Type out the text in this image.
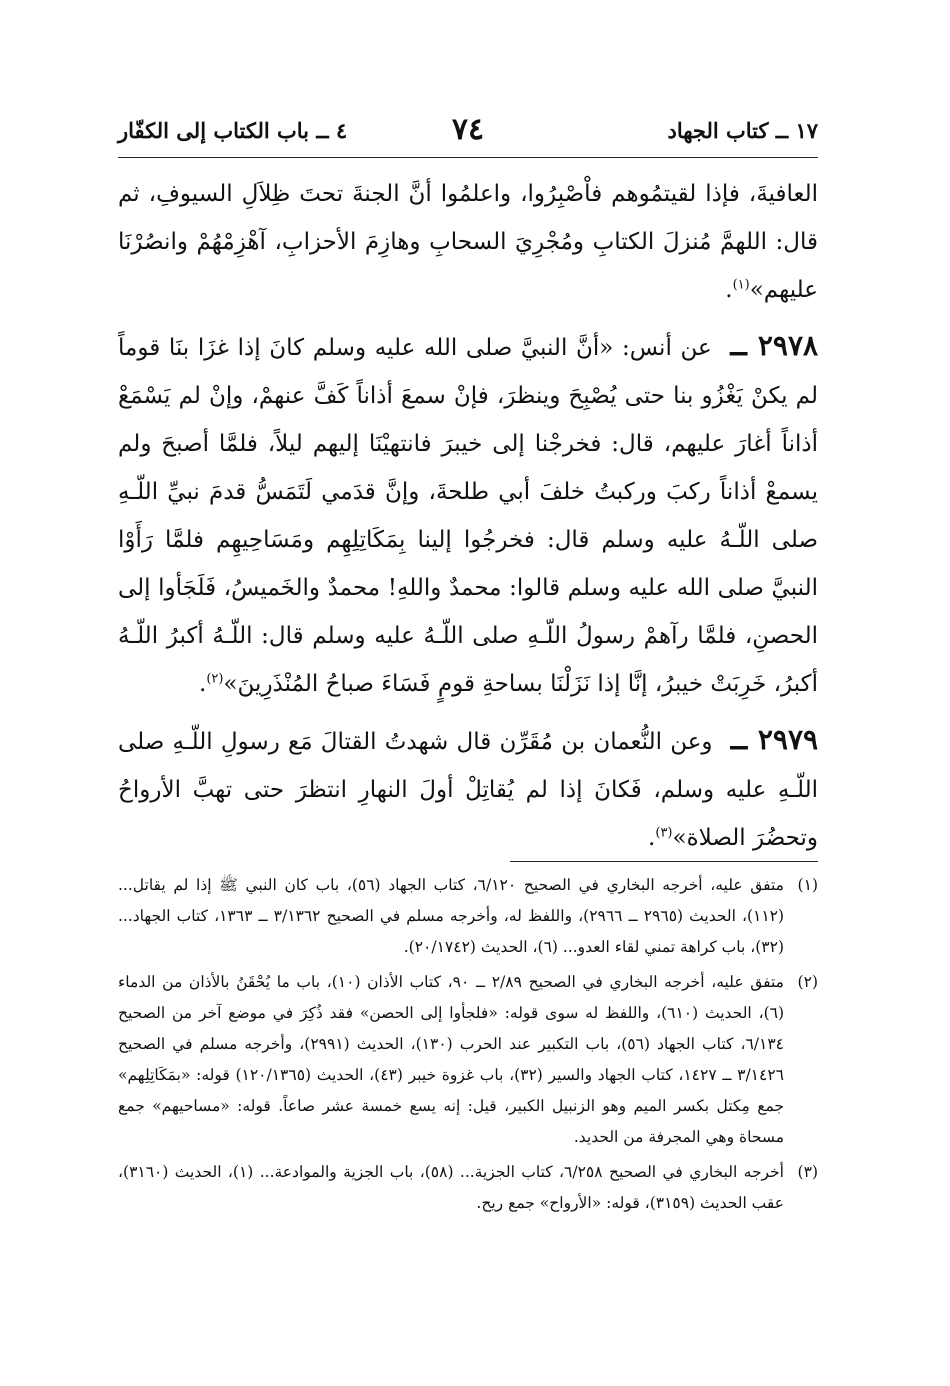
١٧ ــ كتاب الجهاد
٧٤
٤ ــ باب الكتاب إلى الكفّار

العافيةَ، فإذا لقيتمُوهم فاْصْبِرُوا، واعلمُوا أنَّ الجنةَ تحتَ ظِلاَلِ السيوفِ، ثم قال: اللهمَّ مُنزلَ الكتابِ ومُجْرِيَ السحابِ وهازِمَ الأحزابِ، آهْزِمْهُمْ وانصُرْنَا عليهم»$^{(١)}$.

٢٩٧٨ ــ عن أنس: «أنَّ النبيَّ صلى الله عليه وسلم كانَ إذا غزَا بنَا قوماً لم يكنْ يَغْزُو بنا حتى يُصْبِحَ وينظرَ، فإنْ سمعَ أذاناً كَفَّ عنهمْ، وإنْ لم يَسْمَعْ أذاناً أغارَ عليهم، قال: فخرجْنا إلى خيبرَ فانتهيْنَا إليهم ليلاً، فلمَّا أصبحَ ولم يسمعْ أذاناً ركبَ وركبتُ خلفَ أبي طلحةَ، وإنَّ قدَمي لَتَمَسُّ قدمَ نبيِّ اللّـهِ صلى اللّـهُ عليه وسلم قال: فخرجُوا إلينا بِمَكَاتِلِهِم ومَسَاحِيهِم فلمَّا رَأَوْا النبيَّ صلى الله عليه وسلم قالوا: محمدٌ واللهِ! محمدٌ والخَميسُ، فَلَجَأوا إلى الحصنِ، فلمَّا رآهمْ رسولُ اللّـهِ صلى اللّـهُ عليه وسلم قال: اللّـهُ أكبرُ اللّـهُ أكبرُ، خَرِبَتْ خيبرُ، إنَّا إذا نَزَلْنَا بساحةِ قومٍ فَسَاءَ صباحُ المُنْذَرِينَ»$^{(٢)}$.

٢٩٧٩ ــ وعن النُّعمان بن مُقَرِّن قال شهدتُ القتالَ مَع رسولِ اللّـهِ صلى اللّـهِ عليه وسلم، فَكانَ إذا لم يُقاتِلْ أولَ النهارِ انتظرَ حتى تهبَّ الأرواحُ وتحضُرَ الصلاة»$^{(٣)}$.

(١)
متفق عليه، أخرجه البخاري في الصحيح ٦/١٢٠، كتاب الجهاد (٥٦)، باب كان النبي ﷺ إذا لم يقاتل... (١١٢)، الحديث (٢٩٦٥ ــ ٢٩٦٦)، واللفظ له، وأخرجه مسلم في الصحيح ٣/١٣٦٢ ــ ١٣٦٣، كتاب الجهاد... (٣٢)، باب كراهة تمني لقاء العدو... (٦)، الحديث (٢٠/١٧٤٢).
(٢)
متفق عليه، أخرجه البخاري في الصحيح ٢/٨٩ ــ ٩٠، كتاب الأذان (١٠)، باب ما يُحْقَنُ بالأذان من الدماء (٦)، الحديث (٦١٠)، واللفظ له سوى قوله: «فلجأوا إلى الحصن» فقد ذُكِرَ في موضع آخر من الصحيح ٦/١٣٤، كتاب الجهاد (٥٦)، باب التكبير عند الحرب (١٣٠)، الحديث (٢٩٩١)، وأخرجه مسلم في الصحيح ٣/١٤٢٦ ــ ١٤٢٧، كتاب الجهاد والسير (٣٢)، باب غزوة خيبر (٤٣)، الحديث (١٢٠/١٣٦٥) قوله: «بمَكَاتِلِهم» جمع مِكتل بكسر الميم وهو الزنبيل الكبير، قيل: إنه يسع خمسة عشر صاعاً. قوله: «مساحيهم» جمع مسحاة وهي المجرفة من الحديد.
(٣)
أخرجه البخاري في الصحيح ٦/٢٥٨، كتاب الجزية... (٥٨)، باب الجزية والموادعة... (١)، الحديث (٣١٦٠)، عقب الحديث (٣١٥٩)، قوله: «الأرواح» جمع ريح.
